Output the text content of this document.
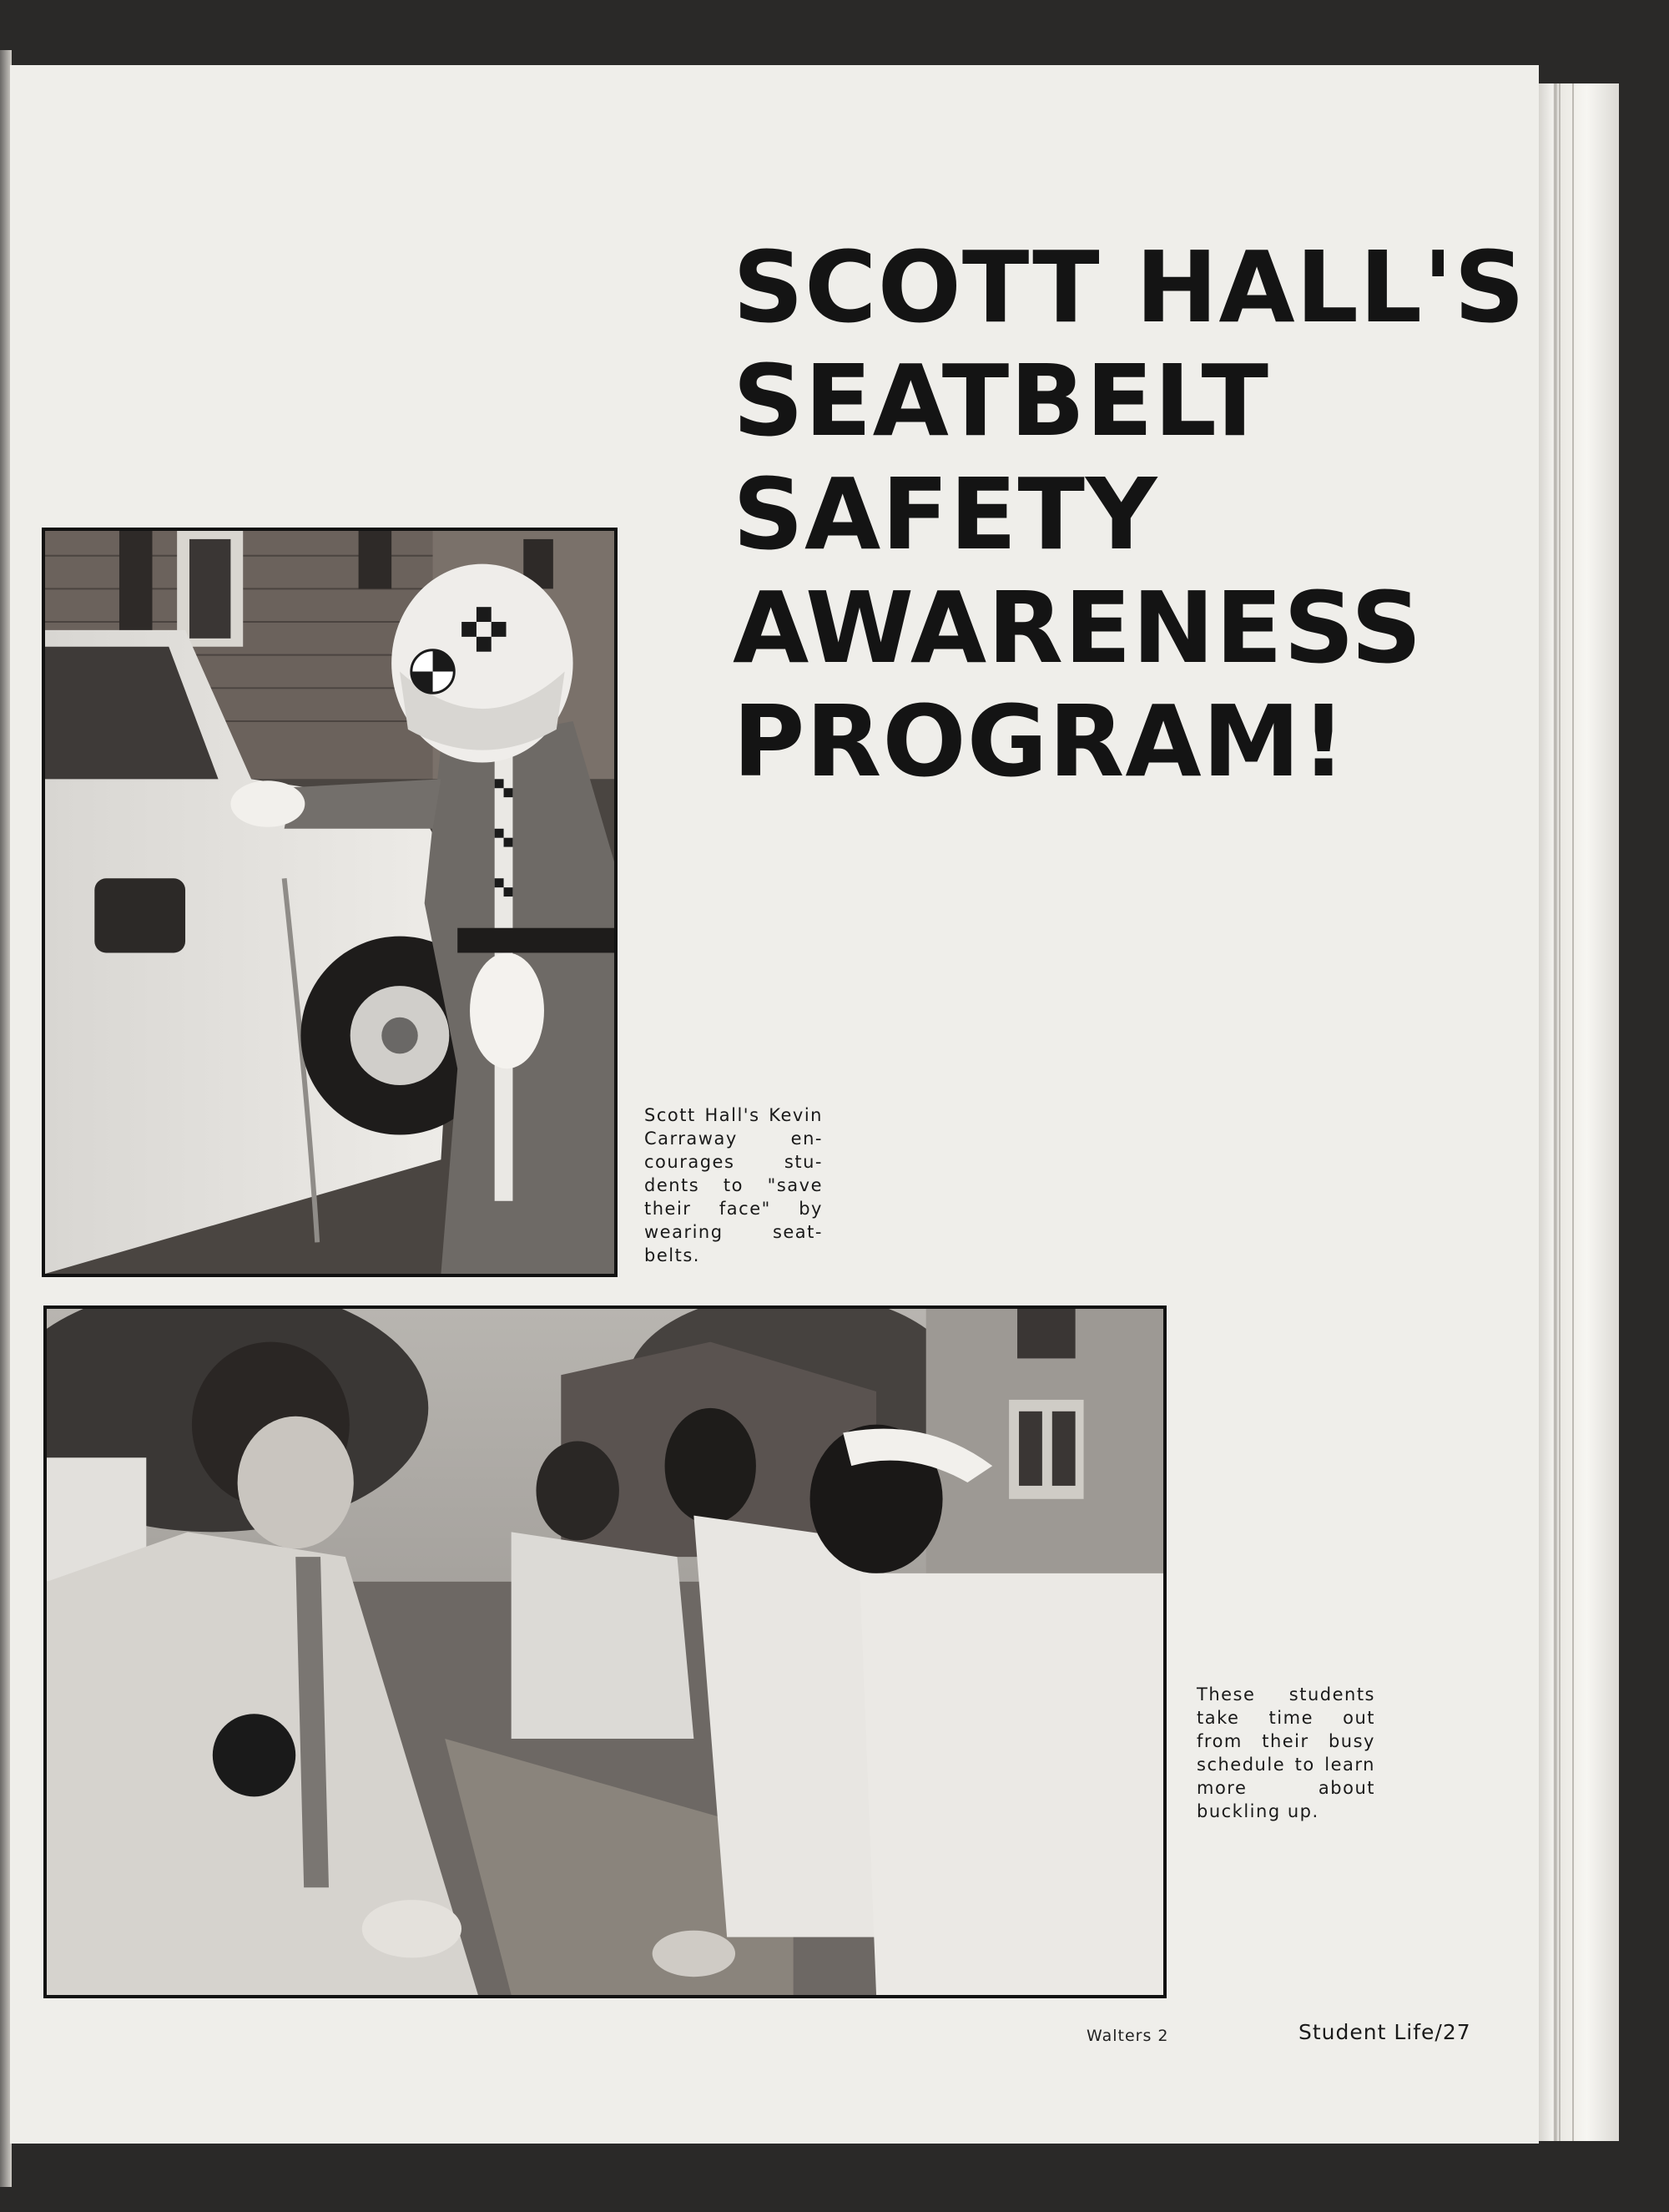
SCOTT HALL'S
SEATBELT
SAFETY
AWARENESS
PROGRAM!

Scott Hall's Kevin
Carraway en-
courages stu-
dents to "save
their face" by
wearing seat-
belts.

These students
take time out
from their busy
schedule to learn
more about
buckling up.

Walters 2	Student Life/27
